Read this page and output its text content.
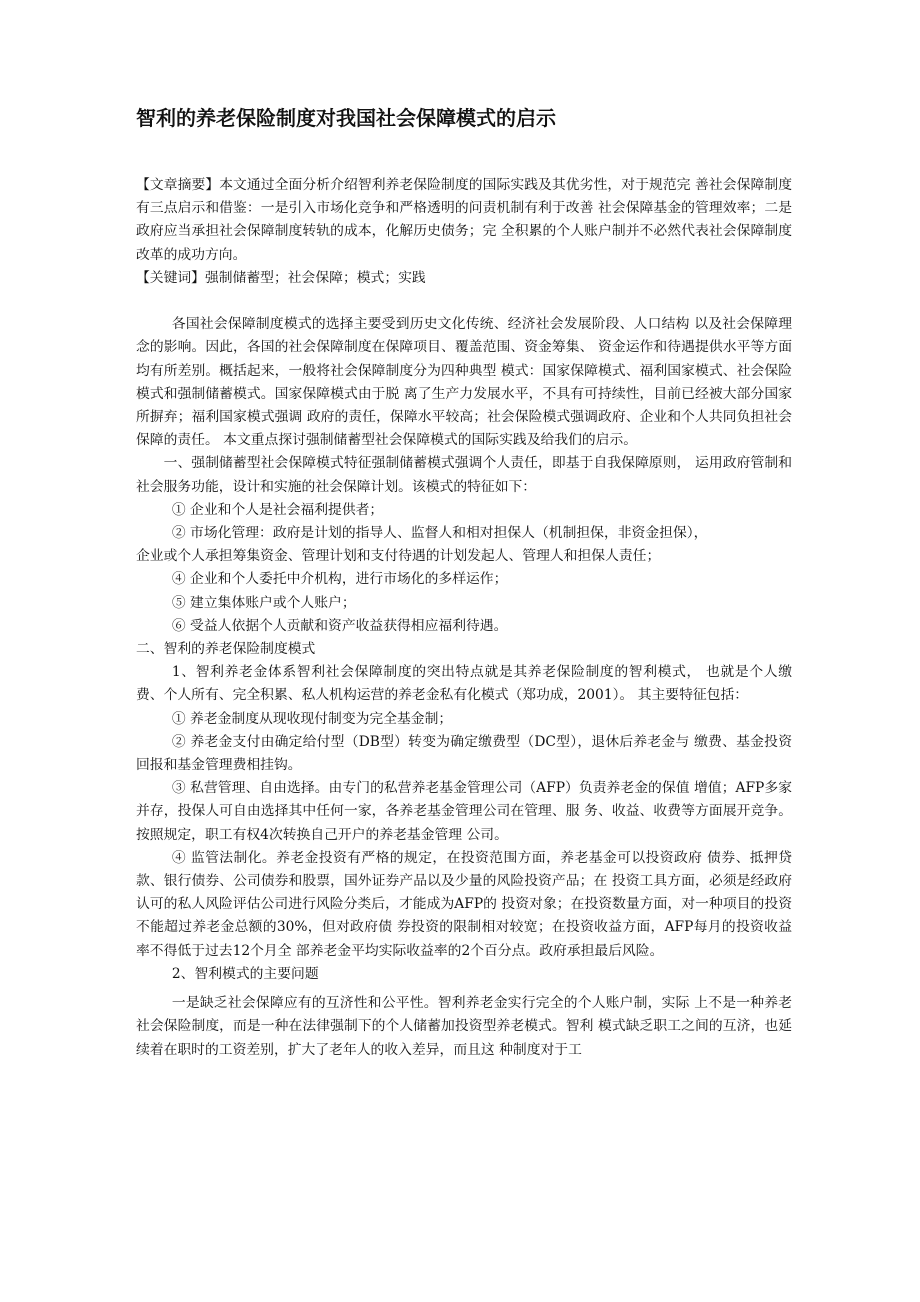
智利的养老保险制度对我国社会保障模式的启示

【文章摘要】本文通过全面分析介绍智利养老保险制度的国际实践及其优劣性，对于规范完 善社会保障制度有三点启示和借鉴：一是引入市场化竞争和严格透明的问责机制有利于改善 社会保障基金的管理效率；二是政府应当承担社会保障制度转轨的成本，化解历史债务；完 全积累的个人账户制并不必然代表社会保障制度改革的成功方向。

【关键词】强制储蓄型；社会保障；模式；实践

各国社会保障制度模式的选择主要受到历史文化传统、经济社会发展阶段、人口结构 以及社会保障理念的影响。因此，各国的社会保障制度在保障项目、覆盖范围、资金筹集、 资金运作和待遇提供水平等方面均有所差别。概括起来，一般将社会保障制度分为四种典型 模式：国家保障模式、福利国家模式、社会保险模式和强制储蓄模式。国家保障模式由于脱 离了生产力发展水平，不具有可持续性，目前已经被大部分国家所摒弃；福利国家模式强调 政府的责任，保障水平较高；社会保险模式强调政府、企业和个人共同负担社会保障的责任。 本文重点探讨强制储蓄型社会保障模式的国际实践及给我们的启示。

一、强制储蓄型社会保障模式特征强制储蓄模式强调个人责任，即基于自我保障原则， 运用政府管制和社会服务功能，设计和实施的社会保障计划。该模式的特征如下：

① 企业和个人是社会福利提供者；

② 市场化管理：政府是计划的指导人、监督人和相对担保人（机制担保，非资金担保），

企业或个人承担筹集资金、管理计划和支付待遇的计划发起人、管理人和担保人责任；

④ 企业和个人委托中介机构，进行市场化的多样运作；

⑤ 建立集体账户或个人账户；

⑥ 受益人依据个人贡献和资产收益获得相应福利待遇。

二、智利的养老保险制度模式

1、智利养老金体系智利社会保障制度的突出特点就是其养老保险制度的智利模式， 也就是个人缴费、个人所有、完全积累、私人机构运营的养老金私有化模式（郑功成，2001）。 其主要特征包括：

① 养老金制度从现收现付制变为完全基金制；

② 养老金支付由确定给付型（DB型）转变为确定缴费型（DC型），退休后养老金与 缴费、基金投资回报和基金管理费相挂钩。

③ 私营管理、自由选择。由专门的私营养老基金管理公司（AFP）负责养老金的保值 增值；AFP多家并存，投保人可自由选择其中任何一家，各养老基金管理公司在管理、服 务、收益、收费等方面展开竞争。按照规定，职工有权4次转换自己开户的养老基金管理 公司。

④ 监管法制化。养老金投资有严格的规定，在投资范围方面，养老基金可以投资政府 债券、抵押贷款、银行债券、公司债券和股票，国外证券产品以及少量的风险投资产品；在 投资工具方面，必须是经政府认可的私人风险评估公司进行风险分类后，才能成为AFP的 投资对象；在投资数量方面，对一种项目的投资不能超过养老金总额的30%，但对政府债 券投资的限制相对较宽；在投资收益方面，AFP每月的投资收益率不得低于过去12个月全 部养老金平均实际收益率的2个百分点。政府承担最后风险。

2、智利模式的主要问题

一是缺乏社会保障应有的互济性和公平性。智利养老金实行完全的个人账户制，实际 上不是一种养老社会保险制度，而是一种在法律强制下的个人储蓄加投资型养老模式。智利 模式缺乏职工之间的互济，也延续着在职时的工资差别，扩大了老年人的收入差异，而且这 种制度对于工
